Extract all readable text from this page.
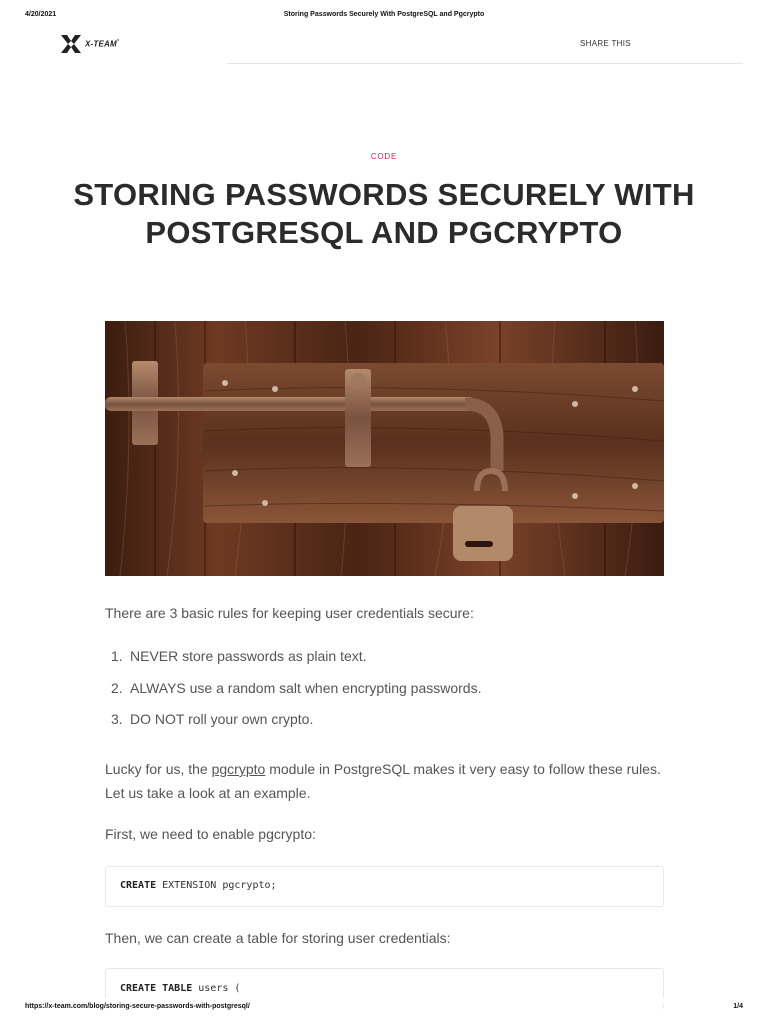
4/20/2021	Storing Passwords Securely With PostgreSQL and Pgcrypto
X-TEAM°	SHARE THIS
CODE
STORING PASSWORDS SECURELY WITH POSTGRESQL AND PGCRYPTO

There are 3 basic rules for keeping user credentials secure:

1. NEVER store passwords as plain text.
2. ALWAYS use a random salt when encrypting passwords.
3. DO NOT roll your own crypto.

Lucky for us, the pgcrypto module in PostgreSQL makes it very easy to follow these rules. Let us take a look at an example.

First, we need to enable pgcrypto:

CREATE EXTENSION pgcrypto;

Then, we can create a table for storing user credentials:

CREATE TABLE users (
https://x-team.com/blog/storing-secure-passwords-with-postgresql/	1/4
